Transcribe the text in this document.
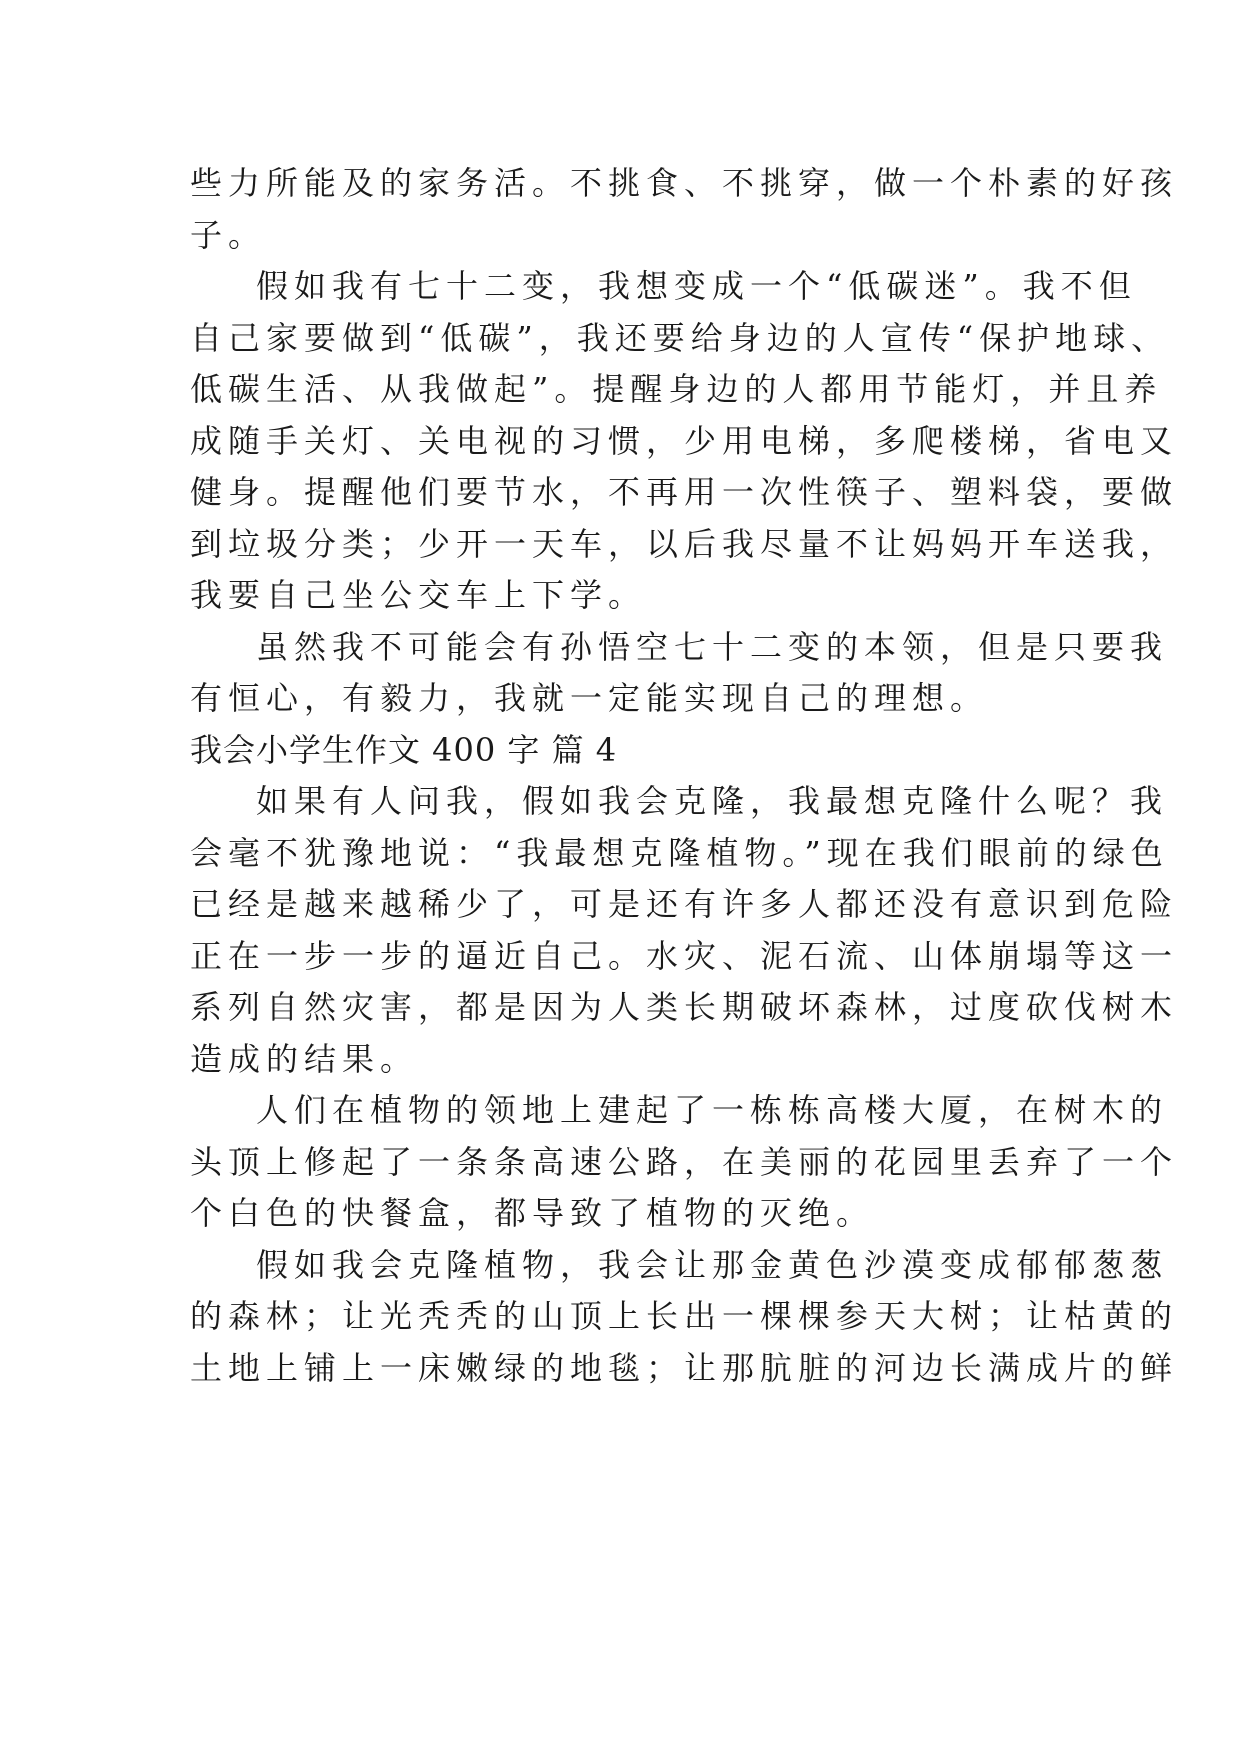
些力所能及的家务活。不挑食、不挑穿，做一个朴素的好孩
子。
假如我有七十二变，我想变成一个“低碳迷”。我不但
自己家要做到“低碳”，我还要给身边的人宣传“保护地球、
低碳生活、从我做起”。提醒身边的人都用节能灯，并且养
成随手关灯、关电视的习惯，少用电梯，多爬楼梯，省电又
健身。提醒他们要节水，不再用一次性筷子、塑料袋，要做
到垃圾分类；少开一天车，以后我尽量不让妈妈开车送我，
我要自己坐公交车上下学。
虽然我不可能会有孙悟空七十二变的本领，但是只要我
有恒心，有毅力，我就一定能实现自己的理想。
我会小学生作文 400 字 篇 4
如果有人问我，假如我会克隆，我最想克隆什么呢？我
会毫不犹豫地说：“我最想克隆植物。”现在我们眼前的绿色
已经是越来越稀少了，可是还有许多人都还没有意识到危险
正在一步一步的逼近自己。水灾、泥石流、山体崩塌等这一
系列自然灾害，都是因为人类长期破坏森林，过度砍伐树木
造成的结果。
人们在植物的领地上建起了一栋栋高楼大厦，在树木的
头顶上修起了一条条高速公路，在美丽的花园里丢弃了一个
个白色的快餐盒，都导致了植物的灭绝。
假如我会克隆植物，我会让那金黄色沙漠变成郁郁葱葱
的森林；让光秃秃的山顶上长出一棵棵参天大树；让枯黄的
土地上铺上一床嫩绿的地毯；让那肮脏的河边长满成片的鲜
